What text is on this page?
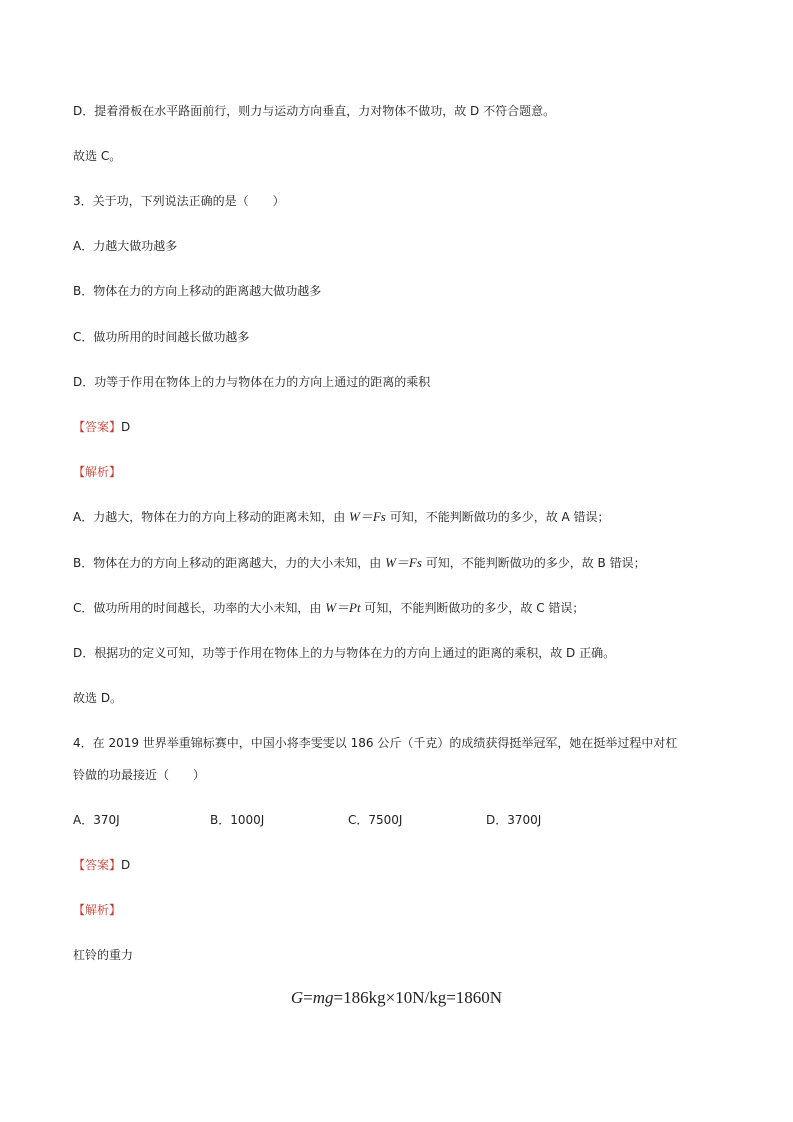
D．提着滑板在水平路面前行，则力与运动方向垂直，力对物体不做功，故 D 不符合题意。
故选 C。
3．关于功，下列说法正确的是（　　）
A．力越大做功越多
B．物体在力的方向上移动的距离越大做功越多
C．做功所用的时间越长做功越多
D．功等于作用在物体上的力与物体在力的方向上通过的距离的乘积
【答案】D
【解析】
A．力越大，物体在力的方向上移动的距离未知，由 W＝Fs 可知，不能判断做功的多少，故 A 错误；
B．物体在力的方向上移动的距离越大，力的大小未知，由 W＝Fs 可知，不能判断做功的多少，故 B 错误；
C．做功所用的时间越长，功率的大小未知，由 W＝Pt 可知，不能判断做功的多少，故 C 错误；
D．根据功的定义可知，功等于作用在物体上的力与物体在力的方向上通过的距离的乘积，故 D 正确。
故选 D。
4．在 2019 世界举重锦标赛中，中国小将李雯雯以 186 公斤（千克）的成绩获得挺举冠军，她在挺举过程中对杠
铃做的功最接近（　　）
A．370J	B．1000J	C．7500J	D．3700J
【答案】D
【解析】
杠铃的重力
G=mg=186kg×10N/kg=1860N
